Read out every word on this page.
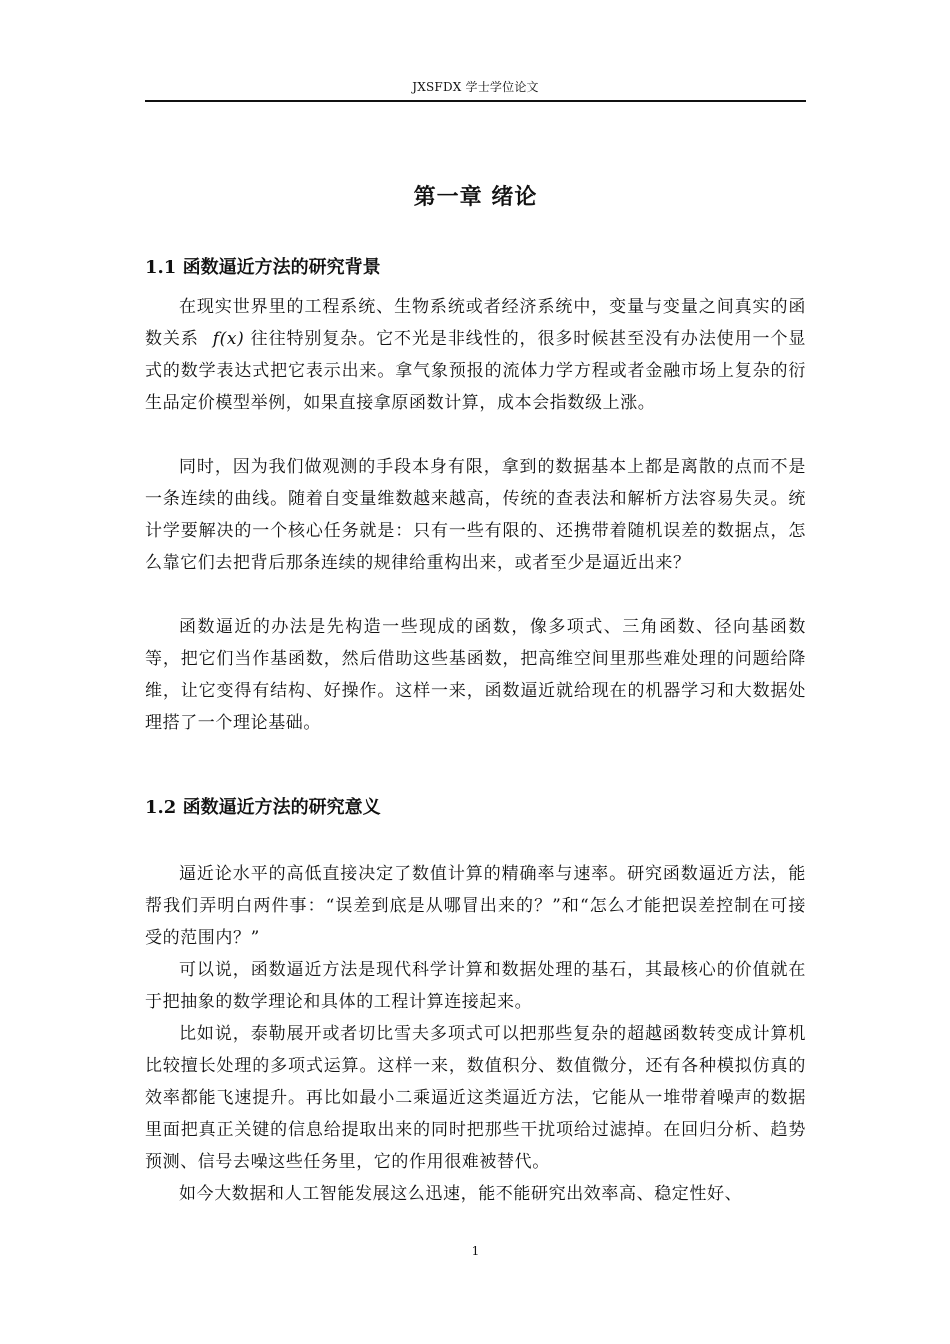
JXSFDX 学士学位论文
第一章 绪论
1.1 函数逼近方法的研究背景

在现实世界里的工程系统、生物系统或者经济系统中，变量与变量之间真实的函数关系 f(x) 往往特别复杂。它不光是非线性的，很多时候甚至没有办法使用一个显式的数学表达式把它表示出来。拿气象预报的流体力学方程或者金融市场上复杂的衍生品定价模型举例，如果直接拿原函数计算，成本会指数级上涨。

同时，因为我们做观测的手段本身有限，拿到的数据基本上都是离散的点而不是一条连续的曲线。随着自变量维数越来越高，传统的查表法和解析方法容易失灵。统计学要解决的一个核心任务就是：只有一些有限的、还携带着随机误差的数据点，怎么靠它们去把背后那条连续的规律给重构出来，或者至少是逼近出来？

函数逼近的办法是先构造一些现成的函数，像多项式、三角函数、径向基函数等，把它们当作基函数，然后借助这些基函数，把高维空间里那些难处理的问题给降维，让它变得有结构、好操作。这样一来，函数逼近就给现在的机器学习和大数据处理搭了一个理论基础。

1.2 函数逼近方法的研究意义

逼近论水平的高低直接决定了数值计算的精确率与速率。研究函数逼近方法，能帮我们弄明白两件事：“误差到底是从哪冒出来的？”和“怎么才能把误差控制在可接受的范围内？”

可以说，函数逼近方法是现代科学计算和数据处理的基石，其最核心的价值就在于把抽象的数学理论和具体的工程计算连接起来。

比如说，泰勒展开或者切比雪夫多项式可以把那些复杂的超越函数转变成计算机比较擅长处理的多项式运算。这样一来，数值积分、数值微分，还有各种模拟仿真的效率都能飞速提升。再比如最小二乘逼近这类逼近方法，它能从一堆带着噪声的数据里面把真正关键的信息给提取出来的同时把那些干扰项给过滤掉。在回归分析、趋势预测、信号去噪这些任务里，它的作用很难被替代。

如今大数据和人工智能发展这么迅速，能不能研究出效率高、稳定性好、

1
